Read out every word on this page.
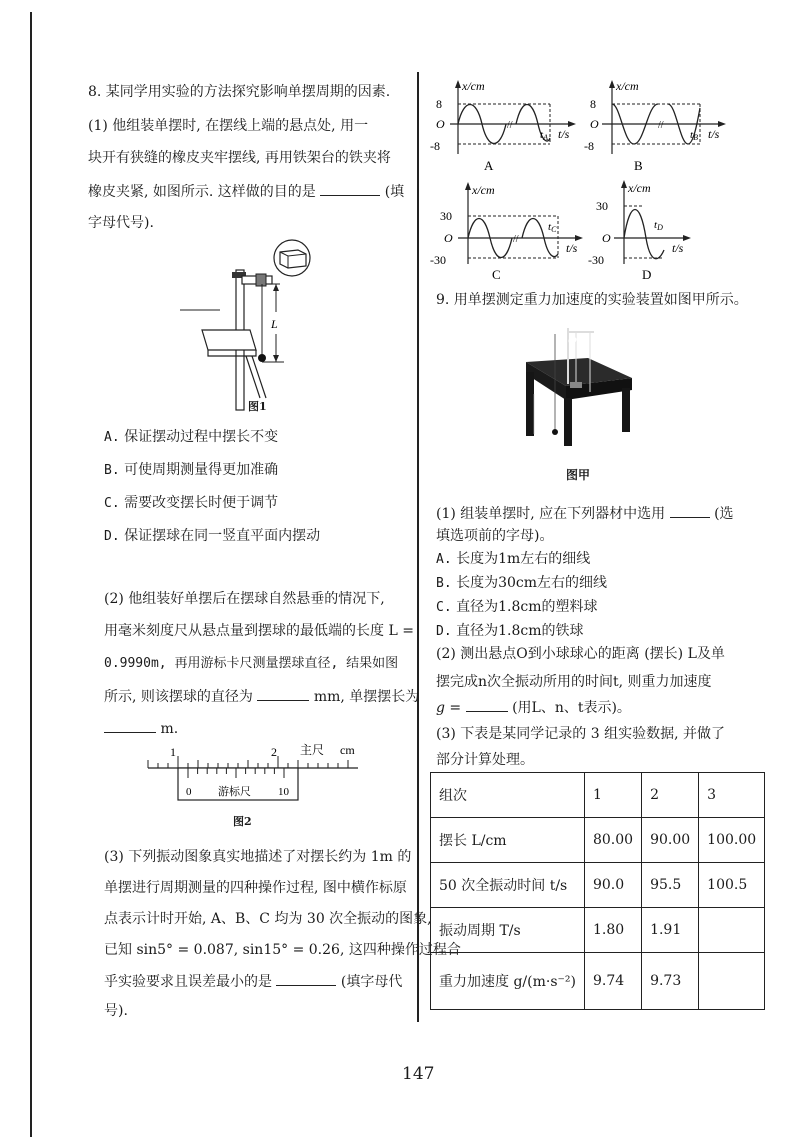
8. 某同学用实验的方法探究影响单摆周期的因素.
(1) 他组装单摆时, 在摆线上端的悬点处, 用一
块开有狭缝的橡皮夹牢摆线, 再用铁架台的铁夹将
橡皮夹紧, 如图所示. 这样做的目的是	(填
字母代号).
L
图1
A. 保证摆动过程中摆长不变
B. 可使周期测量得更加准确
C. 需要改变摆长时便于调节
D. 保证摆球在同一竖直平面内摆动
(2) 他组装好单摆后在摆球自然悬垂的情况下,
用毫米刻度尺从悬点量到摆球的最低端的长度 L =
0.9990m, 再用游标卡尺测量摆球直径, 结果如图
所示, 则该摆球的直径为	mm, 单摆摆长为
m.
1	2 主尺 cm
0 游标尺 10
图2
(3) 下列振动图象真实地描述了对摆长约为 1m 的
单摆进行周期测量的四种操作过程, 图中横作标原
点表示计时开始, A、B、C 均为 30 次全振动的图象,
已知 sin5° = 0.087, sin15° = 0.26, 这四种操作过程合
乎实验要求且误差最小的是	(填字母代
号).
//
x/cm
8
O
-8
tA t/s
A
//
x/cm
8
O
-8
tB t/s
B
//
x/cm
30
O
-30
tC
t/s
C
x/cm
30
O
-30
tD
t/s
D
9. 用单摆测定重力加速度的实验装置如图甲所示。
O
图甲
(1) 组装单摆时, 应在下列器材中选用	(选
填选项前的字母)。
A. 长度为1m左右的细线
B. 长度为30cm左右的细线
C. 直径为1.8cm的塑料球
D. 直径为1.8cm的铁球
(2) 测出悬点O到小球球心的距离 (摆长) L及单
摆完成n次全振动所用的时间t, 则重力加速度
g =	(用L、n、t表示)。
(3) 下表是某同学记录的 3 组实验数据, 并做了
部分计算处理。
组次	1	2	3
摆长 L/cm	80.00	90.00	100.00
50 次全振动时间 t/s	90.0	95.5	100.5
振动周期 T/s	1.80	1.91	
重力加速度 g/(m·s⁻²)	9.74	9.73	
147
